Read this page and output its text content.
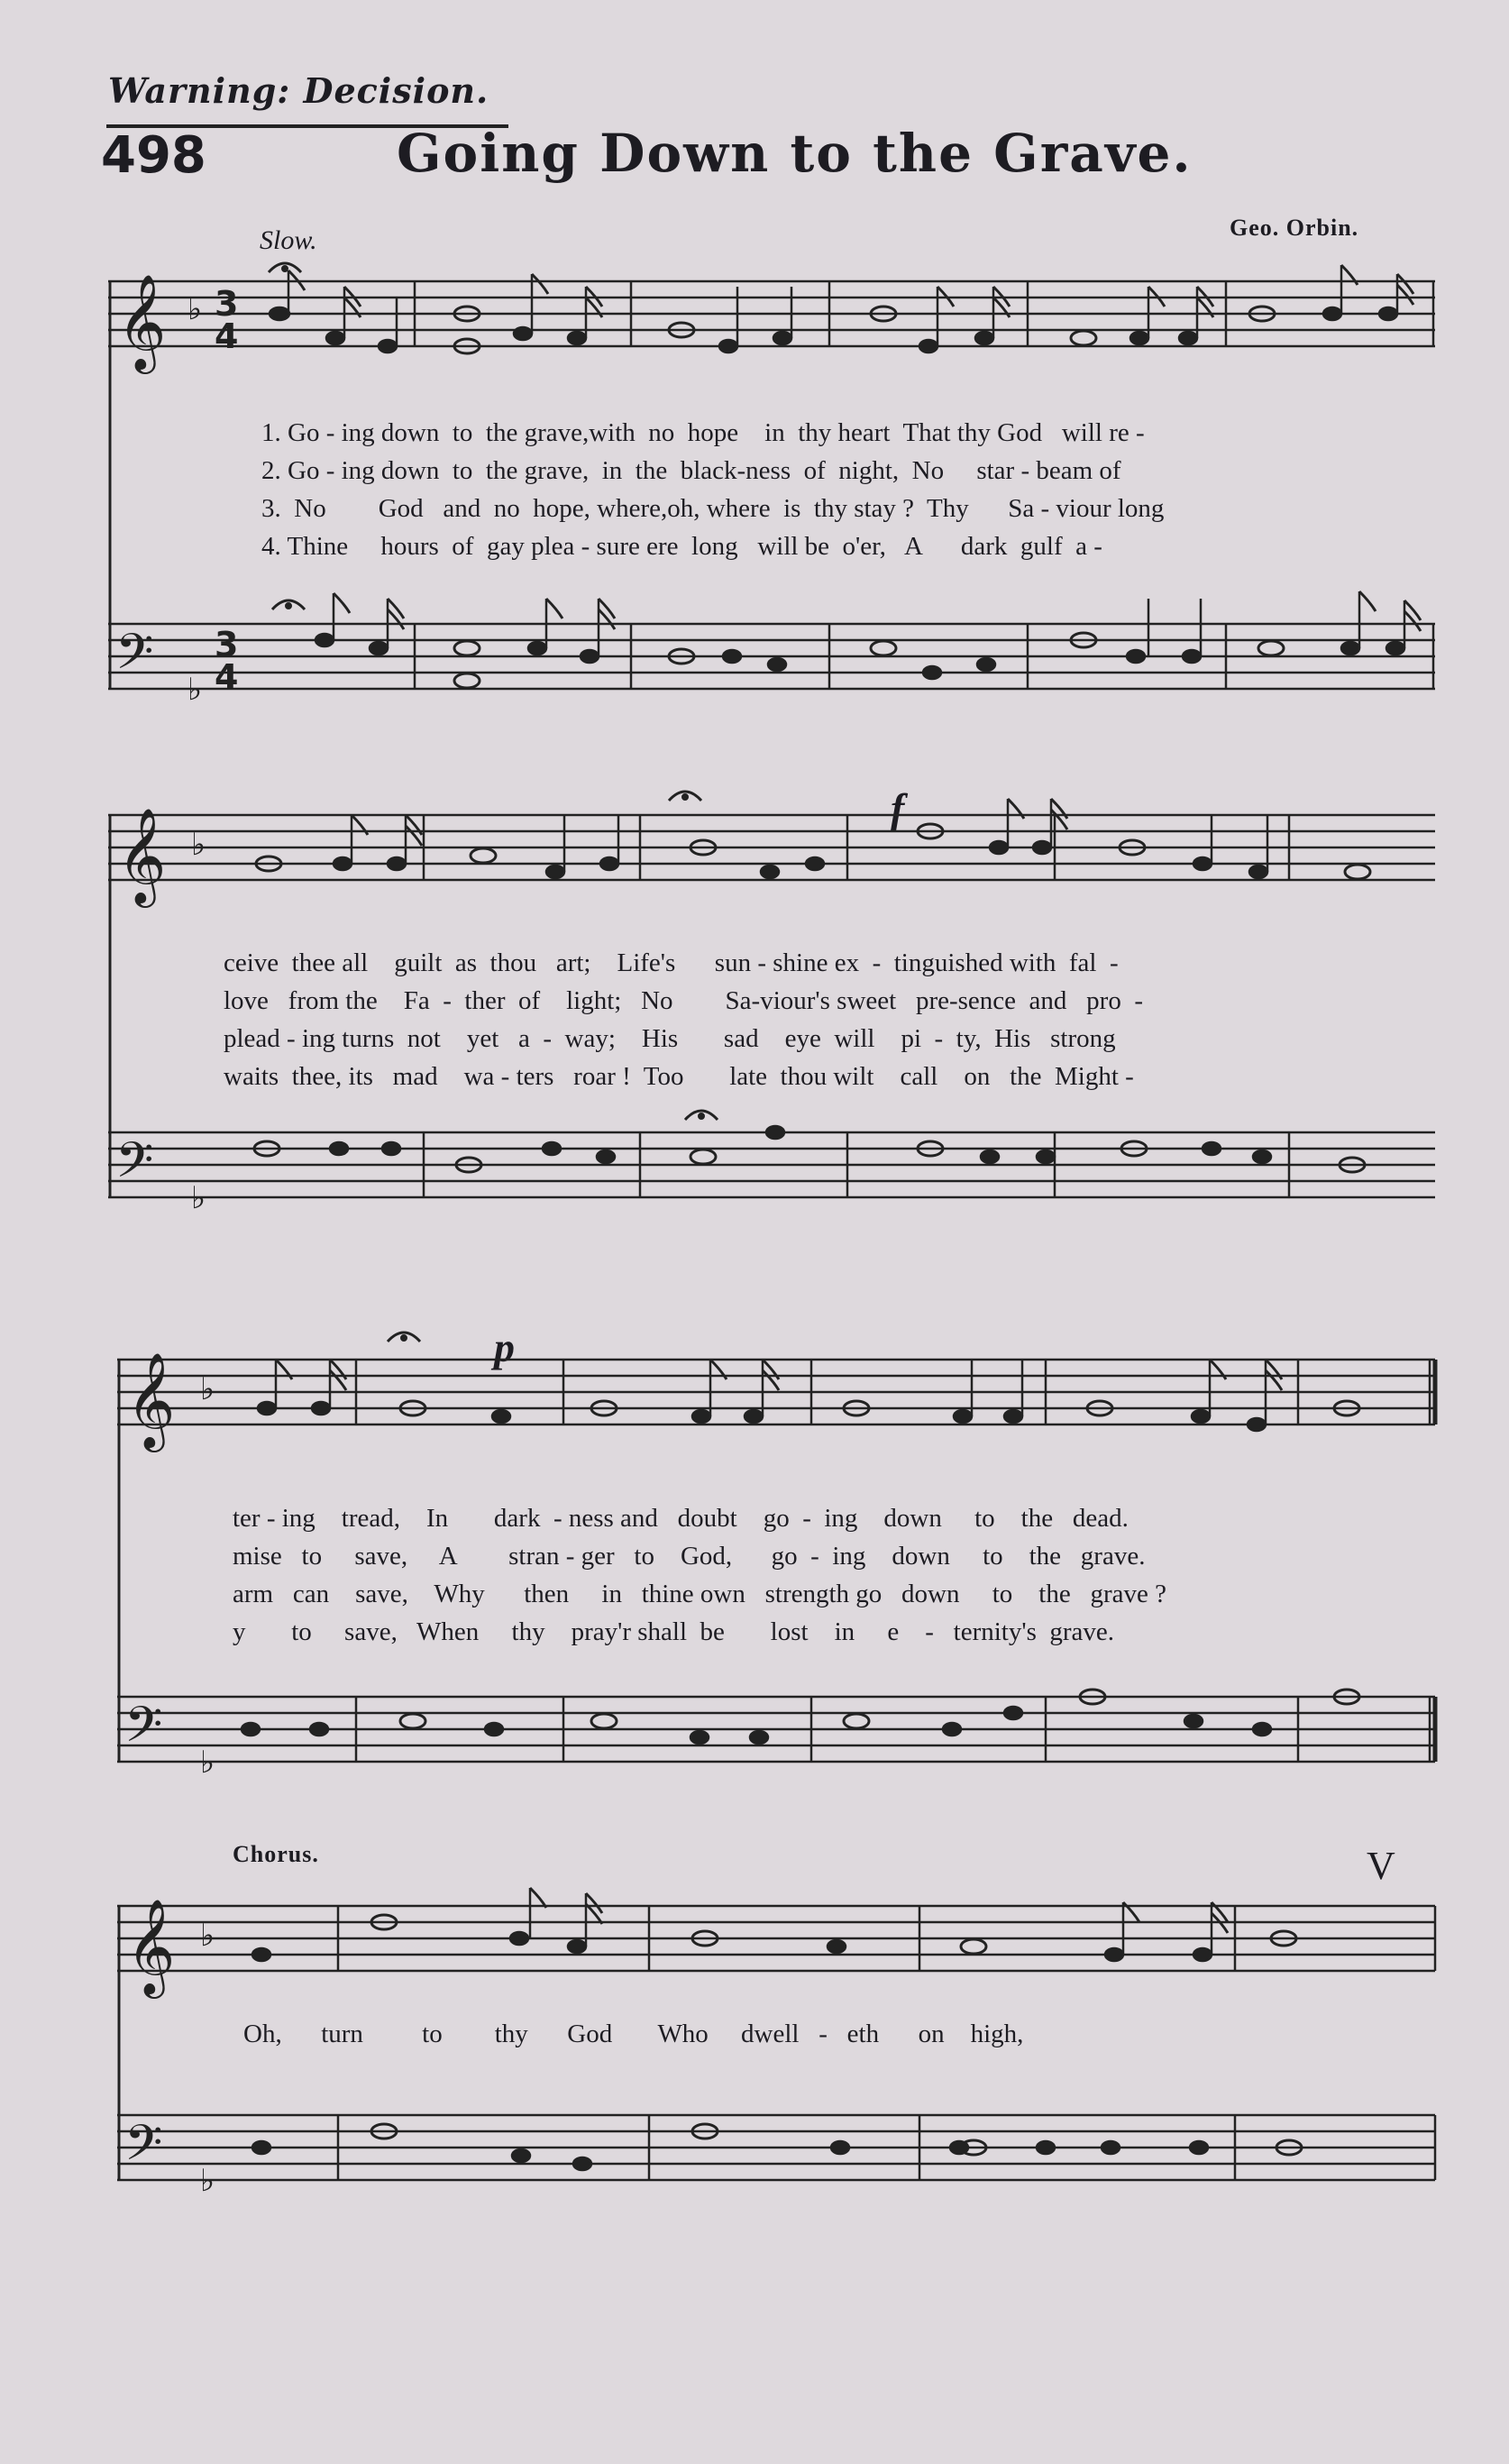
Warning: Decision.
498	Going Down to the Grave.
Geo. Orbin.
Slow.
Chorus.
f
p
V
𝄞 ♭ 3
4
𝄢 ♭
3
4
𝄞 ♭
𝄢 ♭
𝄞 ♭
𝄢 ♭
𝄞 ♭
𝄢 ♭
1. Go - ing down  to  the grave,with  no  hope    in  thy heart  That thy God   will re -
2. Go - ing down  to  the grave,  in  the  black-ness  of  night,  No     star - beam of
3.  No        God   and  no  hope, where,oh, where  is  thy stay ?  Thy      Sa - viour long
4. Thine     hours  of  gay plea - sure ere  long   will be  o'er,   A      dark  gulf  a -
ceive  thee all    guilt  as  thou   art;    Life's      sun - shine ex  -  tinguished with  fal  -
love   from the    Fa  -  ther  of    light;   No        Sa-viour's sweet   pre-sence  and   pro  -
plead - ing turns  not    yet   a  -  way;    His       sad    eye  will    pi  -  ty,  His   strong
waits  thee, its   mad    wa - ters   roar !  Too       late  thou wilt    call    on   the  Might -
ter - ing    tread,    In       dark  - ness and   doubt    go  -  ing    down     to    the   dead.
mise   to     save,     A        stran - ger   to    God,      go  -  ing    down     to    the   grave.
arm   can    save,    Why      then     in   thine own   strength go   down     to    the   grave ?
y       to     save,   When     thy    pray'r shall  be       lost    in     e    -   ternity's  grave.
Oh,      turn         to        thy      God       Who     dwell   -   eth      on    high,
